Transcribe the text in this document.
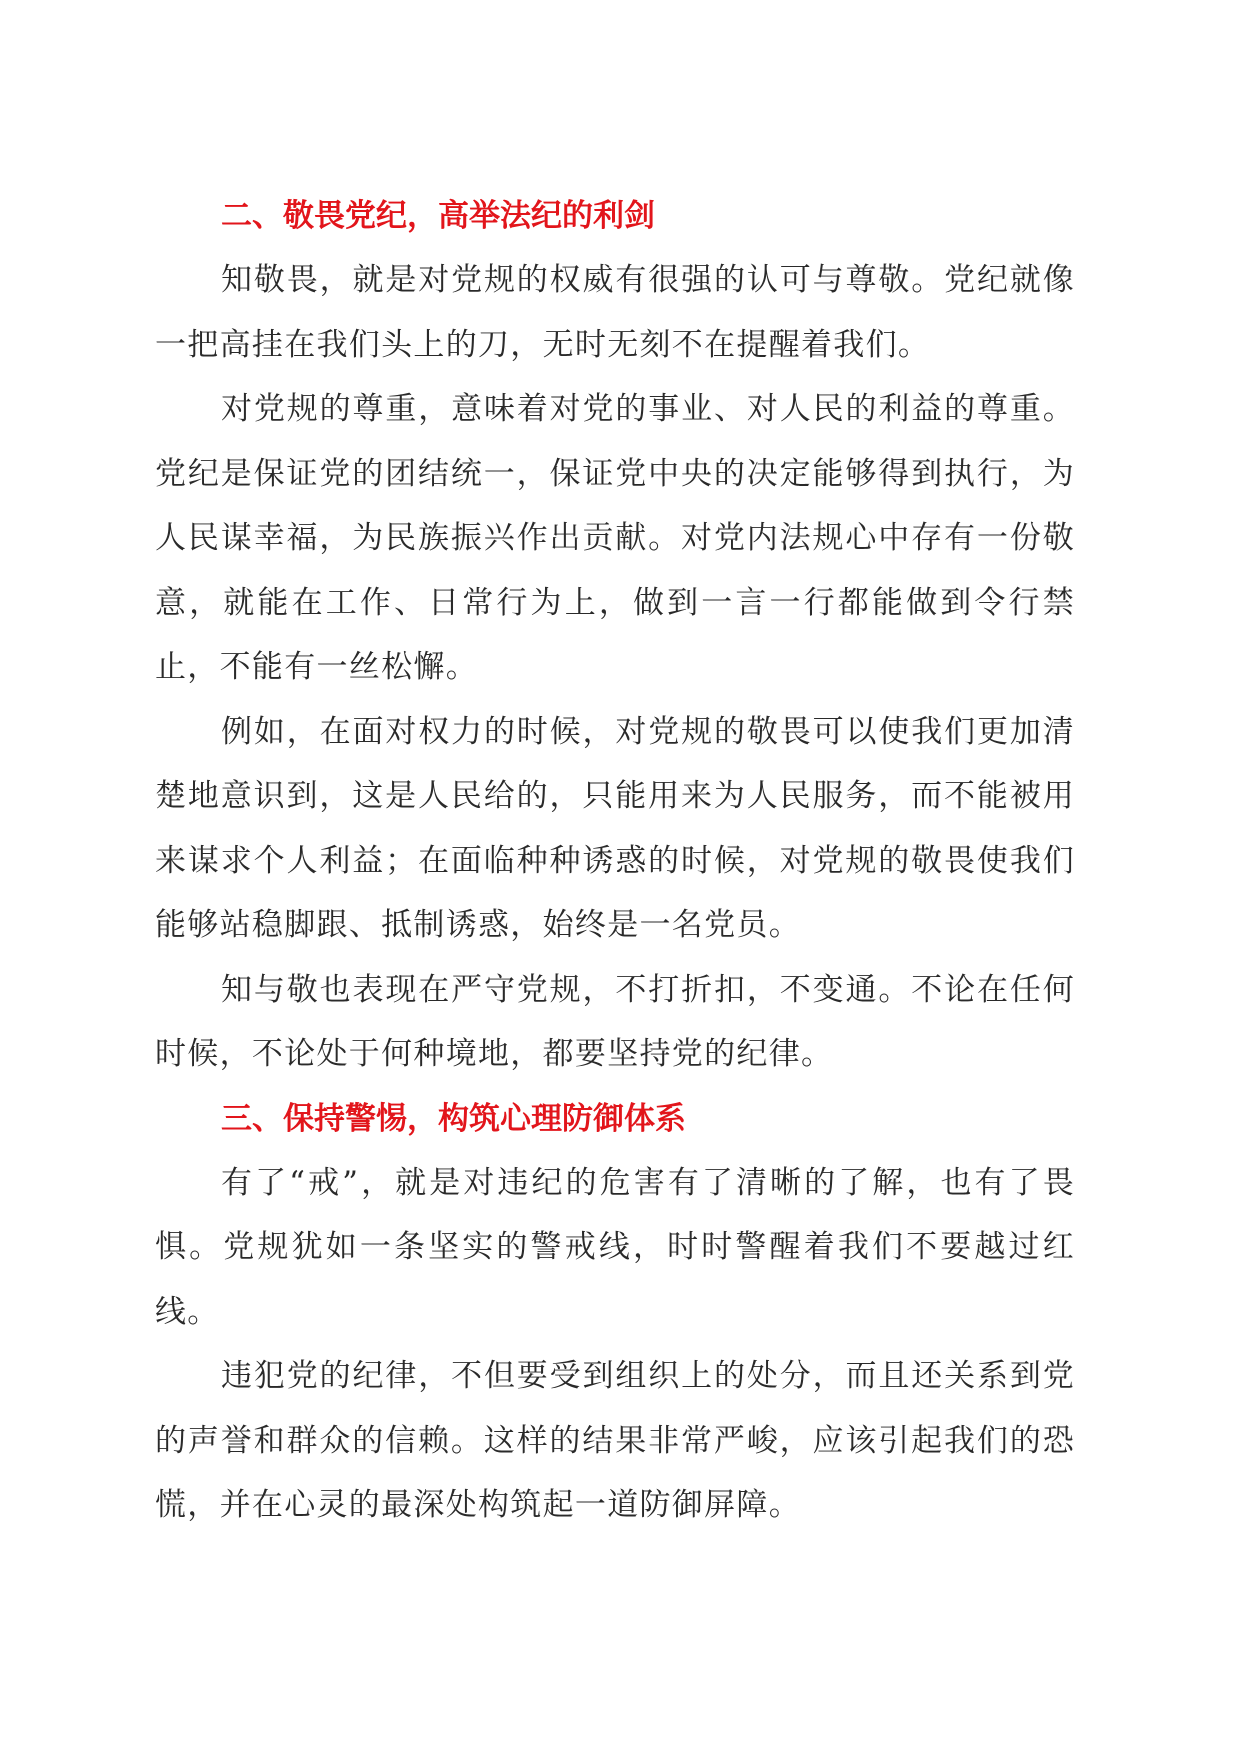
二、敬畏党纪，高举法纪的利剑

知敬畏，就是对党规的权威有很强的认可与尊敬。党纪就像一把高挂在我们头上的刀，无时无刻不在提醒着我们。

对党规的尊重，意味着对党的事业、对人民的利益的尊重。党纪是保证党的团结统一，保证党中央的决定能够得到执行，为人民谋幸福，为民族振兴作出贡献。对党内法规心中存有一份敬意，就能在工作、日常行为上，做到一言一行都能做到令行禁止，不能有一丝松懈。

例如，在面对权力的时候，对党规的敬畏可以使我们更加清楚地意识到，这是人民给的，只能用来为人民服务，而不能被用来谋求个人利益；在面临种种诱惑的时候，对党规的敬畏使我们能够站稳脚跟、抵制诱惑，始终是一名党员。

知与敬也表现在严守党规，不打折扣，不变通。不论在任何时候，不论处于何种境地，都要坚持党的纪律。

三、保持警惕，构筑心理防御体系

有了“戒”，就是对违纪的危害有了清晰的了解，也有了畏惧。党规犹如一条坚实的警戒线，时时警醒着我们不要越过红线。

违犯党的纪律，不但要受到组织上的处分，而且还关系到党的声誉和群众的信赖。这样的结果非常严峻，应该引起我们的恐慌，并在心灵的最深处构筑起一道防御屏障。
